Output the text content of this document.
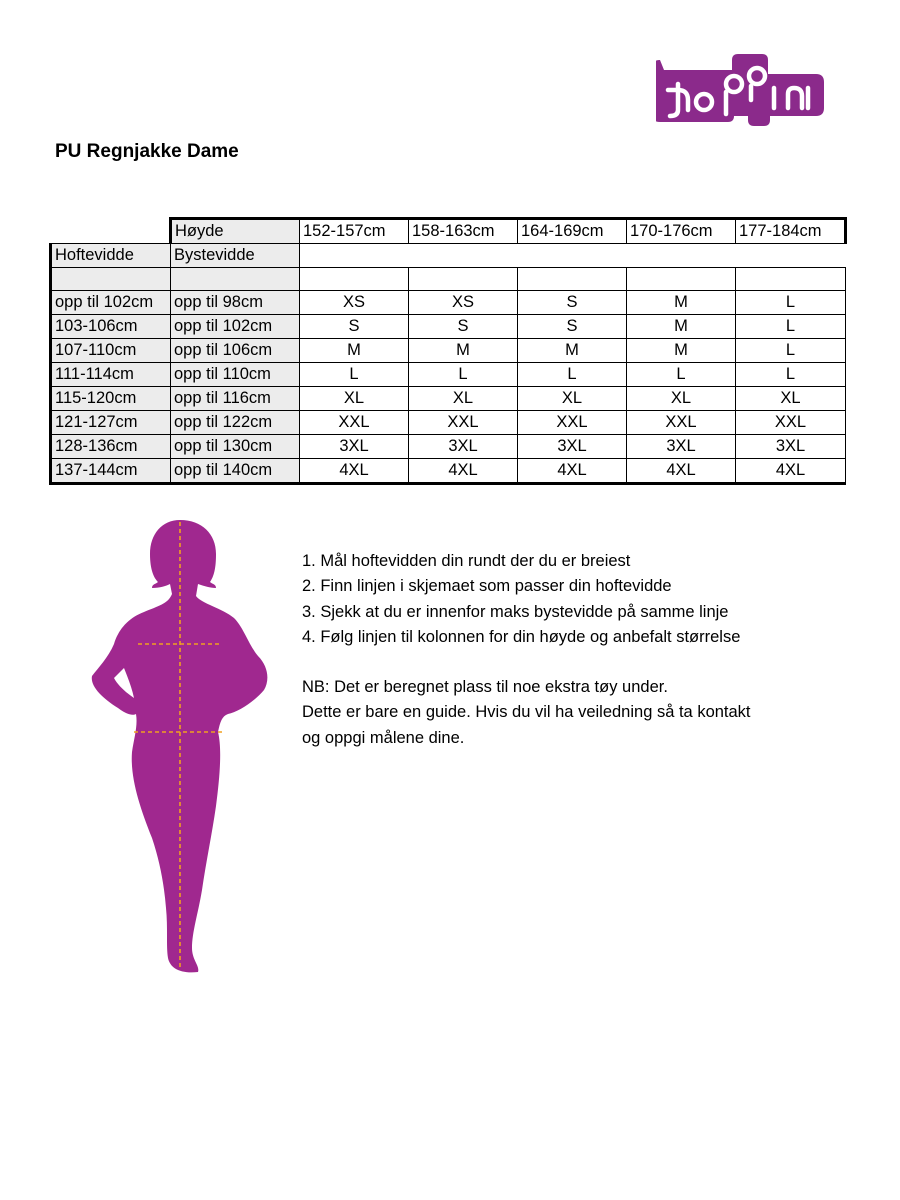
PU Regnjakke Dame
	Høyde	152-157cm	158-163cm	164-169cm	170-176cm	177-184cm
Hoftevidde	Bystevidde					

opp til 102cm	opp til 98cm	XS	XS	S	M	L
103-106cm	opp til 102cm	S	S	S	M	L
107-110cm	opp til 106cm	M	M	M	M	L
111-114cm	opp til 110cm	L	L	L	L	L
115-120cm	opp til 116cm	XL	XL	XL	XL	XL
121-127cm	opp til 122cm	XXL	XXL	XXL	XXL	XXL
128-136cm	opp til 130cm	3XL	3XL	3XL	3XL	3XL
137-144cm	opp til 140cm	4XL	4XL	4XL	4XL	4XL

1. Mål hoftevidden din rundt der du er breiest

2. Finn linjen i skjemaet som passer din hoftevidde

3. Sjekk at du er innenfor maks bystevidde på samme linje

4. Følg linjen til kolonnen for din høyde og anbefalt størrelse

NB: Det er beregnet plass til noe ekstra tøy under.

Dette er bare en guide. Hvis du vil ha veiledning så ta kontakt

og oppgi målene dine.
